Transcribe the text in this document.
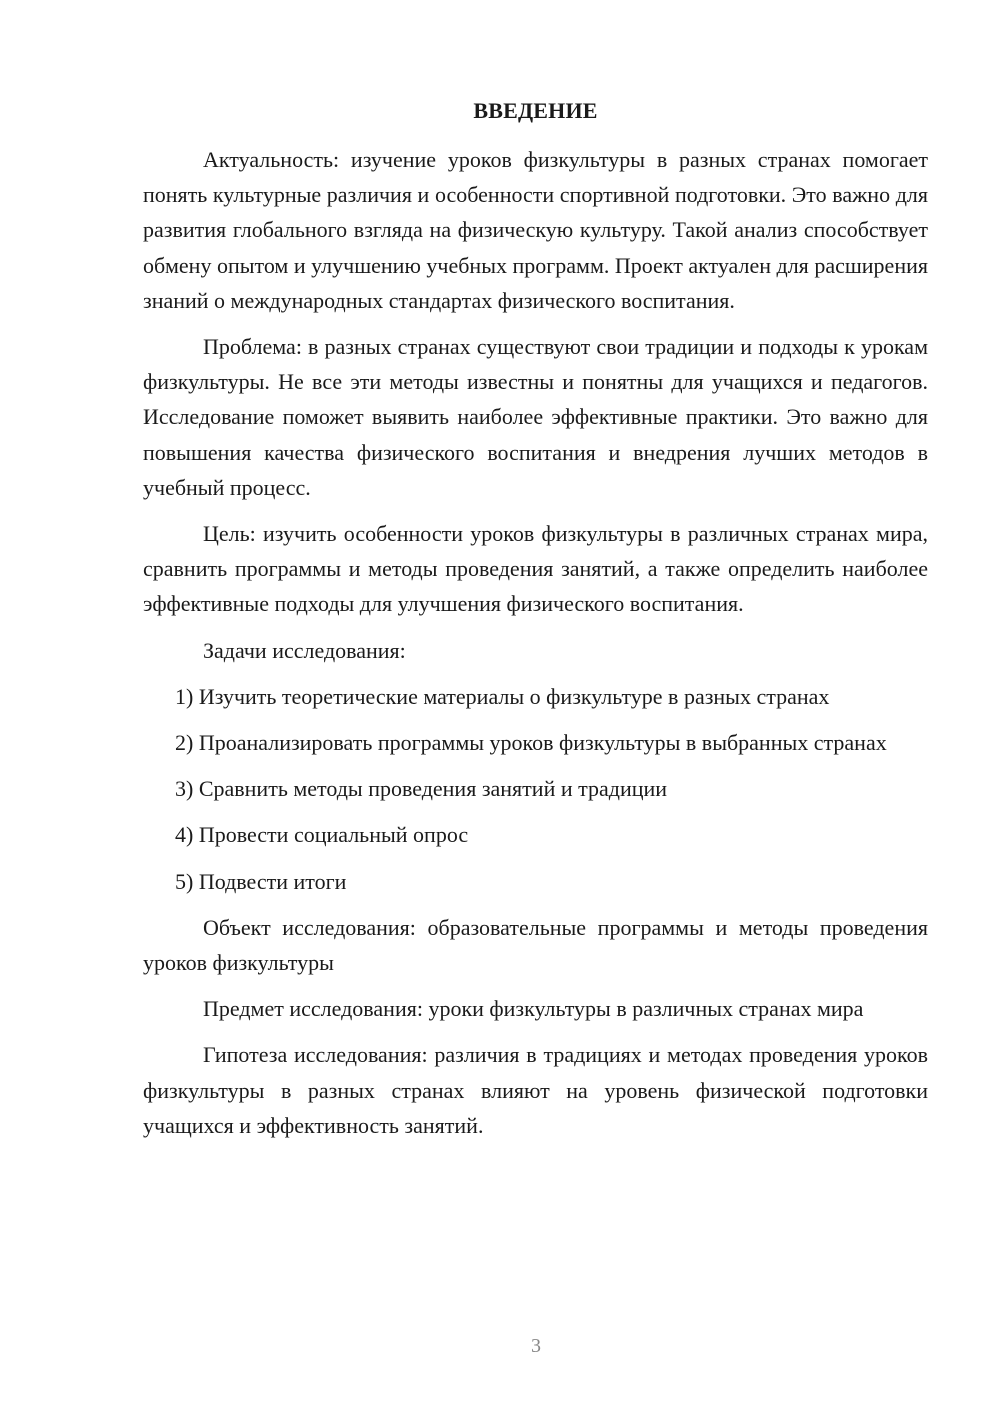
ВВЕДЕНИЕ

Актуальность: изучение уроков физкультуры в разных странах помогает понять культурные различия и особенности спортивной подготовки. Это важно для развития глобального взгляда на физическую культуру. Такой анализ способствует обмену опытом и улучшению учебных программ. Проект актуален для расширения знаний о международных стандартах физического воспитания.

Проблема: в разных странах существуют свои традиции и подходы к урокам физкультуры. Не все эти методы известны и понятны для учащихся и педагогов. Исследование поможет выявить наиболее эффективные практики. Это важно для повышения качества физического воспитания и внедрения лучших методов в учебный процесс.

Цель: изучить особенности уроков физкультуры в различных странах мира, сравнить программы и методы проведения занятий, а также определить наиболее эффективные подходы для улучшения физического воспитания.

Задачи исследования:

1) Изучить теоретические материалы о физкультуре в разных странах
2) Проанализировать программы уроков физкультуры в выбранных странах
3) Сравнить методы проведения занятий и традиции
4) Провести социальный опрос
5) Подвести итоги

Объект исследования: образовательные программы и методы проведения уроков физкультуры

Предмет исследования: уроки физкультуры в различных странах мира

Гипотеза исследования: различия в традициях и методах проведения уроков физкультуры в разных странах влияют на уровень физической подготовки учащихся и эффективность занятий.

3
